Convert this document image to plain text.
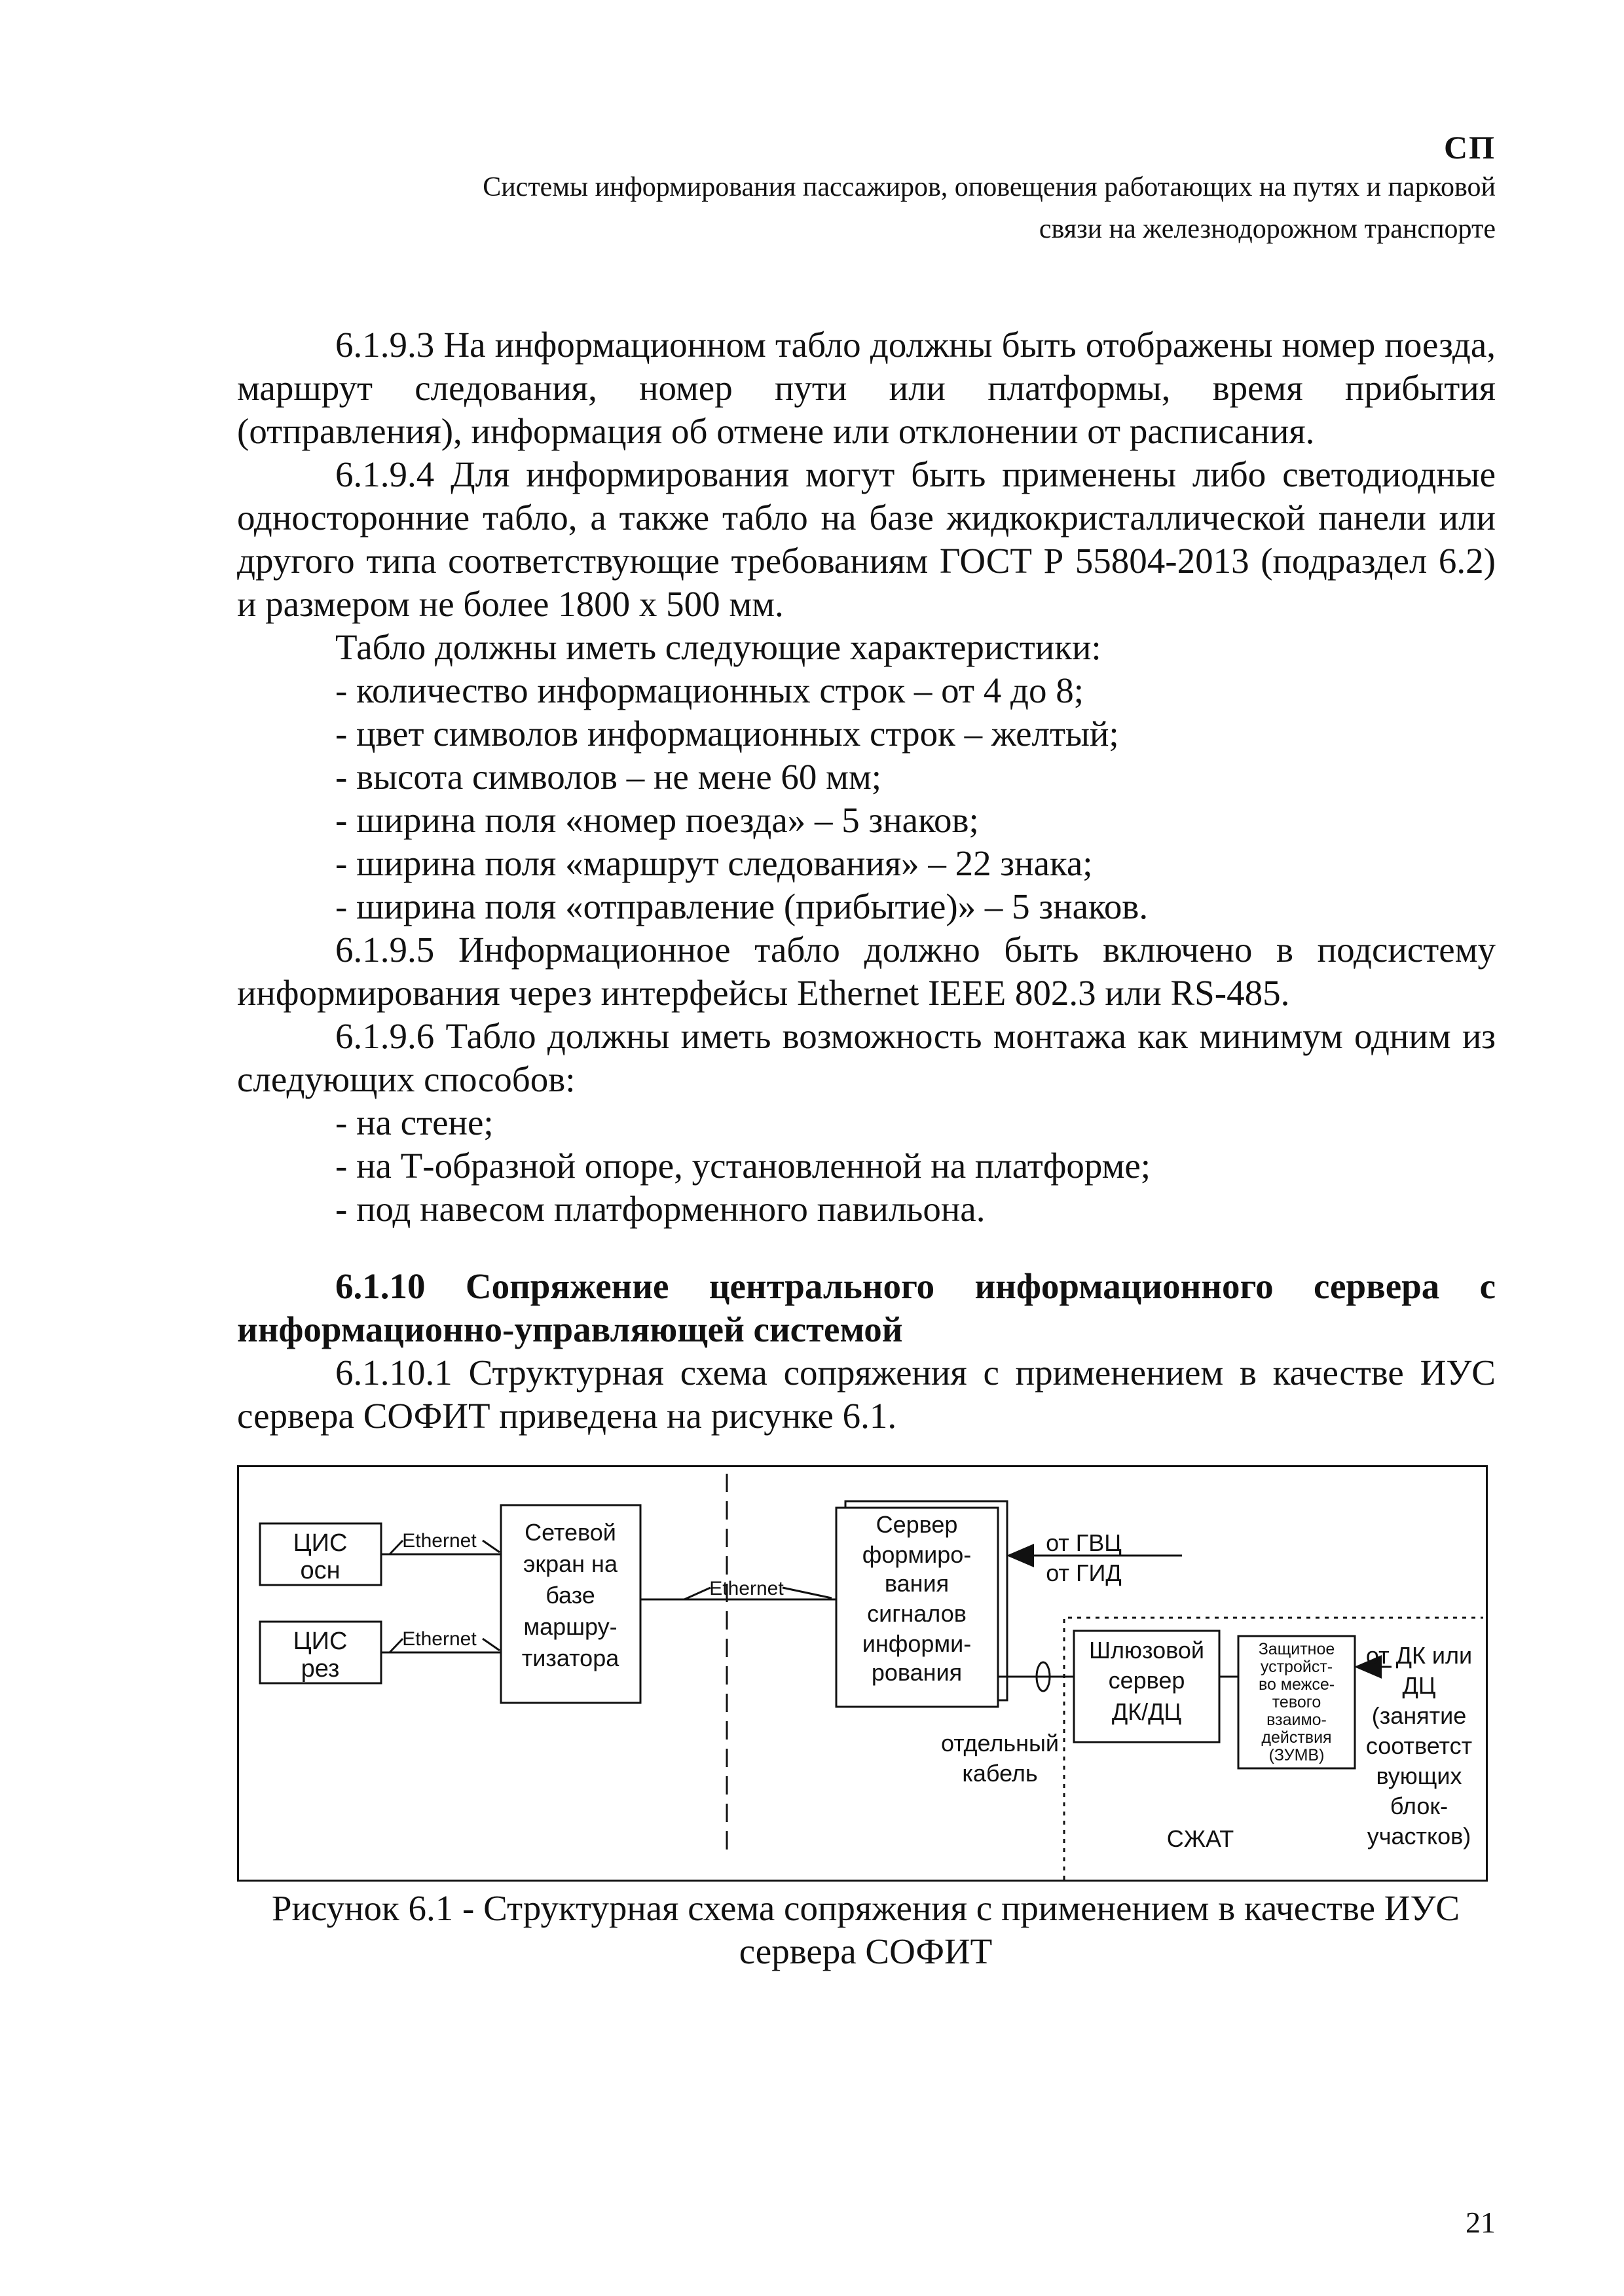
СП
Системы информирования пассажиров, оповещения работающих на путях и парковой
связи на железнодорожном транспорте

6.1.9.3 На информационном табло должны быть отображены номер поезда, маршрут следования, номер пути или платформы, время прибытия (отправления), информация об отмене или отклонении от расписания.

6.1.9.4 Для информирования могут быть применены либо светодиодные односторонние табло, а также табло на базе жидкокристаллической панели или другого типа соответствующие требованиям ГОСТ Р 55804-2013 (подраздел 6.2) и размером не более 1800 х 500 мм.

Табло должны иметь следующие характеристики:

- количество информационных строк – от 4 до 8;
- цвет символов информационных строк – желтый;
- высота символов – не мене 60 мм;
- ширина поля «номер поезда» – 5 знаков;
- ширина поля «маршрут следования» – 22 знака;
- ширина поля «отправление (прибытие)» – 5 знаков.

6.1.9.5 Информационное табло должно быть включено в подсистему информирования через интерфейсы Ethernet IEEE 802.3 или RS-485.

6.1.9.6 Табло должны иметь возможность монтажа как минимум одним из следующих способов:

- на стене;
- на Т-образной опоре, установленной на платформе;
- под навесом платформенного павильона.

6.1.10 Сопряжение центрального информационного сервера с информационно-управляющей системой

6.1.10.1 Структурная схема сопряжения с применением в качестве ИУС сервера СОФИТ приведена на рисунке 6.1.

ЦИС
осн
ЦИС
рез
Ethernet
Ethernet
Ethernet
Сетевой
экран на
базе
маршру-
тизатора
Сервер
формиро-
вания
сигналов
информи-
рования
от ГВЦ
от ГИД
Шлюзовой
сервер
ДК/ДЦ
отдельный
кабель
СЖАТ
от ДК или
ДЦ
(занятие
соответст
вующих
блок-
участков)
Защитное
устройст-
во межсе-
тевого
взаимо-
действия
(ЗУМВ)
Рисунок 6.1 - Структурная схема сопряжения с применением в качестве ИУС
сервера СОФИТ
21
